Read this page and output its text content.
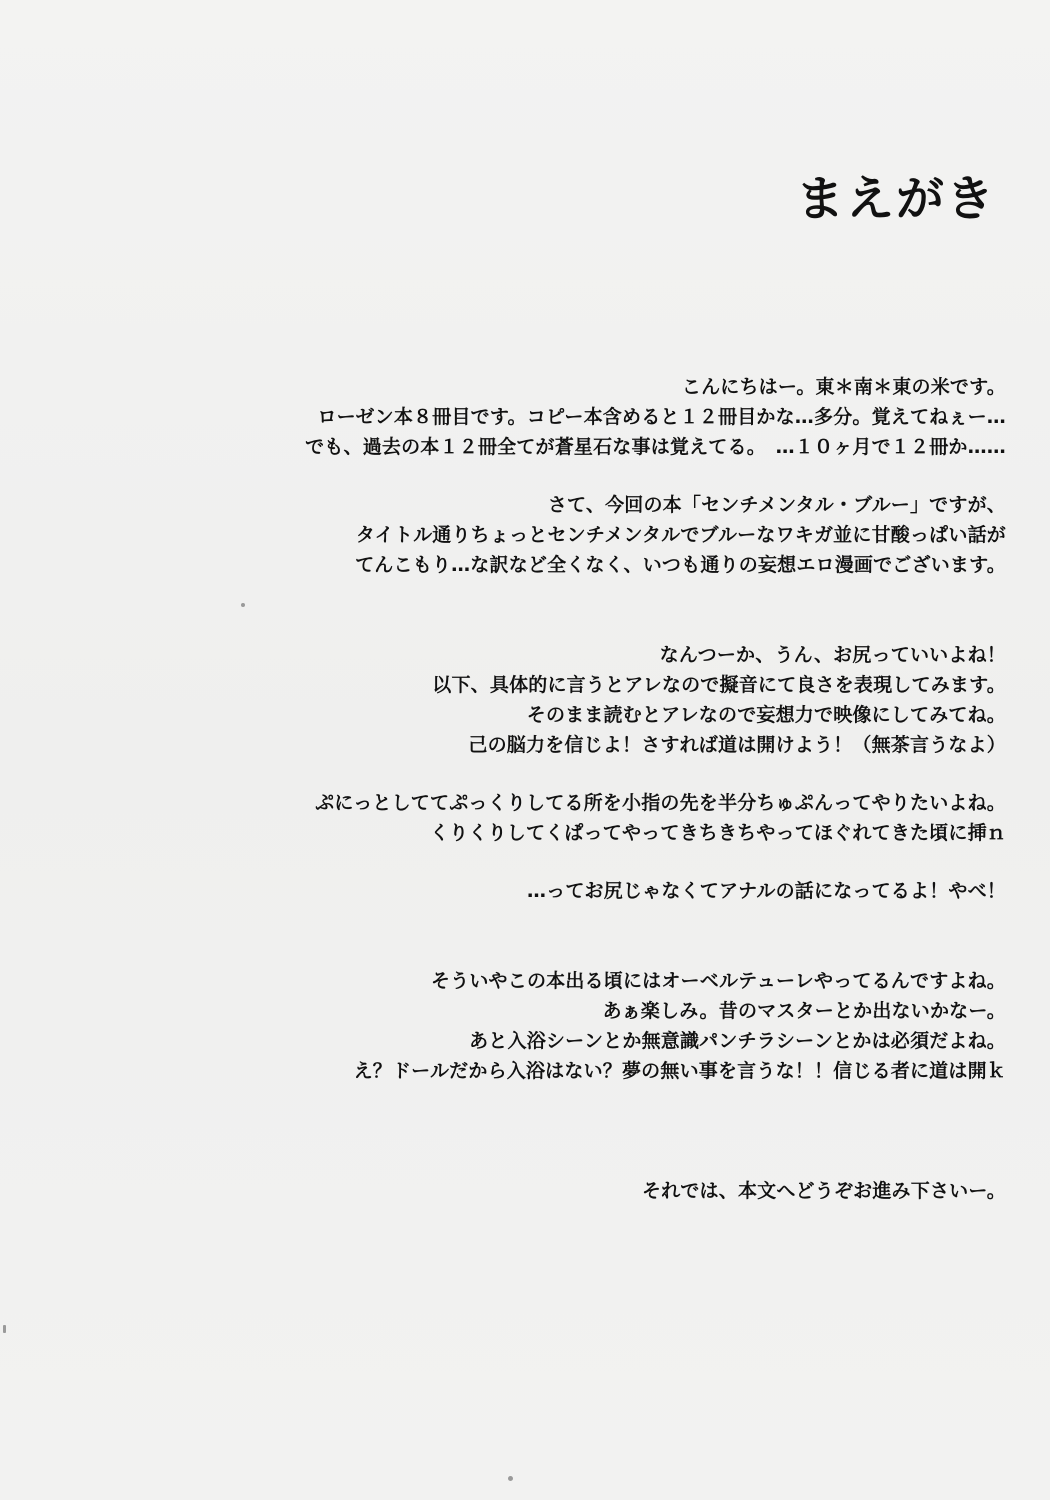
まえがき
こんにちはー。東＊南＊東の米です。
ローゼン本８冊目です。コピー本含めると１２冊目かな…多分。覚えてねぇー…
でも、過去の本１２冊全てが蒼星石な事は覚えてる。　…１０ヶ月で１２冊か……
さて、今回の本「センチメンタル・ブルー」ですが、
タイトル通りちょっとセンチメンタルでブルーなワキガ並に甘酸っぱい話が
てんこもり…な訳など全くなく、いつも通りの妄想エロ漫画でございます。
なんつーか、うん、お尻っていいよね！
以下、具体的に言うとアレなので擬音にて良さを表現してみます。
そのまま読むとアレなので妄想力で映像にしてみてね。
己の脳力を信じよ！さすれば道は開けよう！（無茶言うなよ）
ぷにっとしててぷっくりしてる所を小指の先を半分ちゅぷんってやりたいよね。
くりくりしてくぱってやってきちきちやってほぐれてきた頃に挿ｎ
…ってお尻じゃなくてアナルの話になってるよ！やべ！
そういやこの本出る頃にはオーベルテューレやってるんですよね。
あぁ楽しみ。昔のマスターとか出ないかなー。
あと入浴シーンとか無意識パンチラシーンとかは必須だよね。
え？ドールだから入浴はない？夢の無い事を言うな！！信じる者に道は開ｋ
それでは、本文へどうぞお進み下さいー。
